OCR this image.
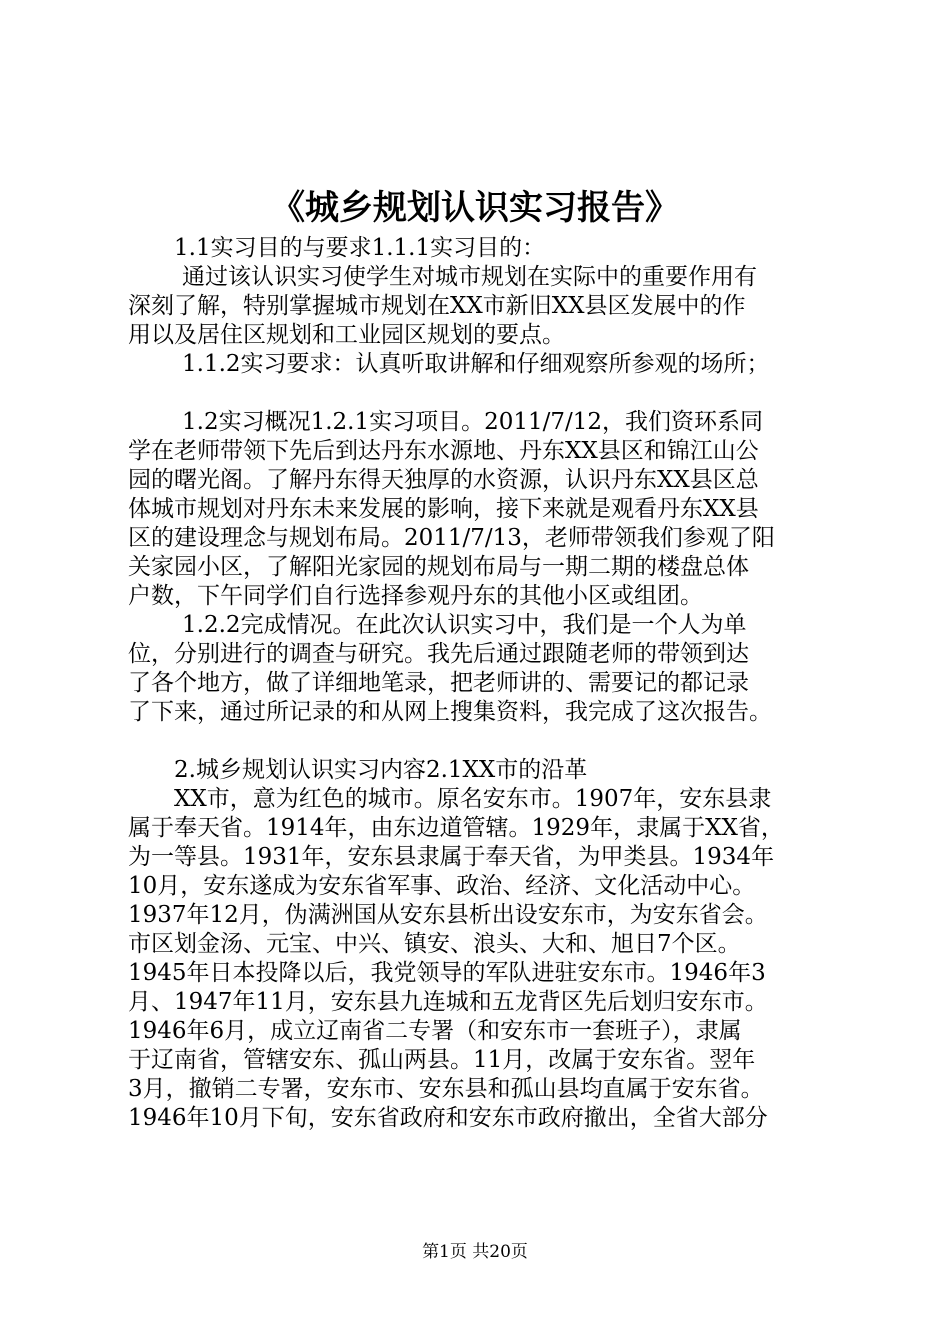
《城乡规划认识实习报告》
1.1实习目的与要求1.1.1实习目的：
通过该认识实习使学生对城市规划在实际中的重要作用有
深刻了解，特别掌握城市规划在XX市新旧XX县区发展中的作
用以及居住区规划和工业园区规划的要点。
1.1.2实习要求：认真听取讲解和仔细观察所参观的场所；
1.2实习概况1.2.1实习项目。2011/7/12，我们资环系同
学在老师带领下先后到达丹东水源地、丹东XX县区和锦江山公
园的曙光阁。了解丹东得天独厚的水资源，认识丹东XX县区总
体城市规划对丹东未来发展的影响，接下来就是观看丹东XX县
区的建设理念与规划布局。2011/7/13，老师带领我们参观了阳
关家园小区，了解阳光家园的规划布局与一期二期的楼盘总体
户数，下午同学们自行选择参观丹东的其他小区或组团。
1.2.2完成情况。在此次认识实习中，我们是一个人为单
位，分别进行的调查与研究。我先后通过跟随老师的带领到达
了各个地方，做了详细地笔录，把老师讲的、需要记的都记录
了下来，通过所记录的和从网上搜集资料，我完成了这次报告。
2.城乡规划认识实习内容2.1XX市的沿革
XX市，意为红色的城市。原名安东市。1907年，安东县隶
属于奉天省。1914年，由东边道管辖。1929年，隶属于XX省，
为一等县。1931年，安东县隶属于奉天省，为甲类县。1934年
10月，安东遂成为安东省军事、政治、经济、文化活动中心。
1937年12月，伪满洲国从安东县析出设安东市，为安东省会。
市区划金汤、元宝、中兴、镇安、浪头、大和、旭日7个区。
1945年日本投降以后，我党领导的军队进驻安东市。1946年3
月、1947年11月，安东县九连城和五龙背区先后划归安东市。
1946年6月，成立辽南省二专署（和安东市一套班子），隶属
于辽南省，管辖安东、孤山两县。11月，改属于安东省。翌年
3月，撤销二专署，安东市、安东县和孤山县均直属于安东省。
1946年10月下旬，安东省政府和安东市政府撤出，全省大部分
第1页 共20页
